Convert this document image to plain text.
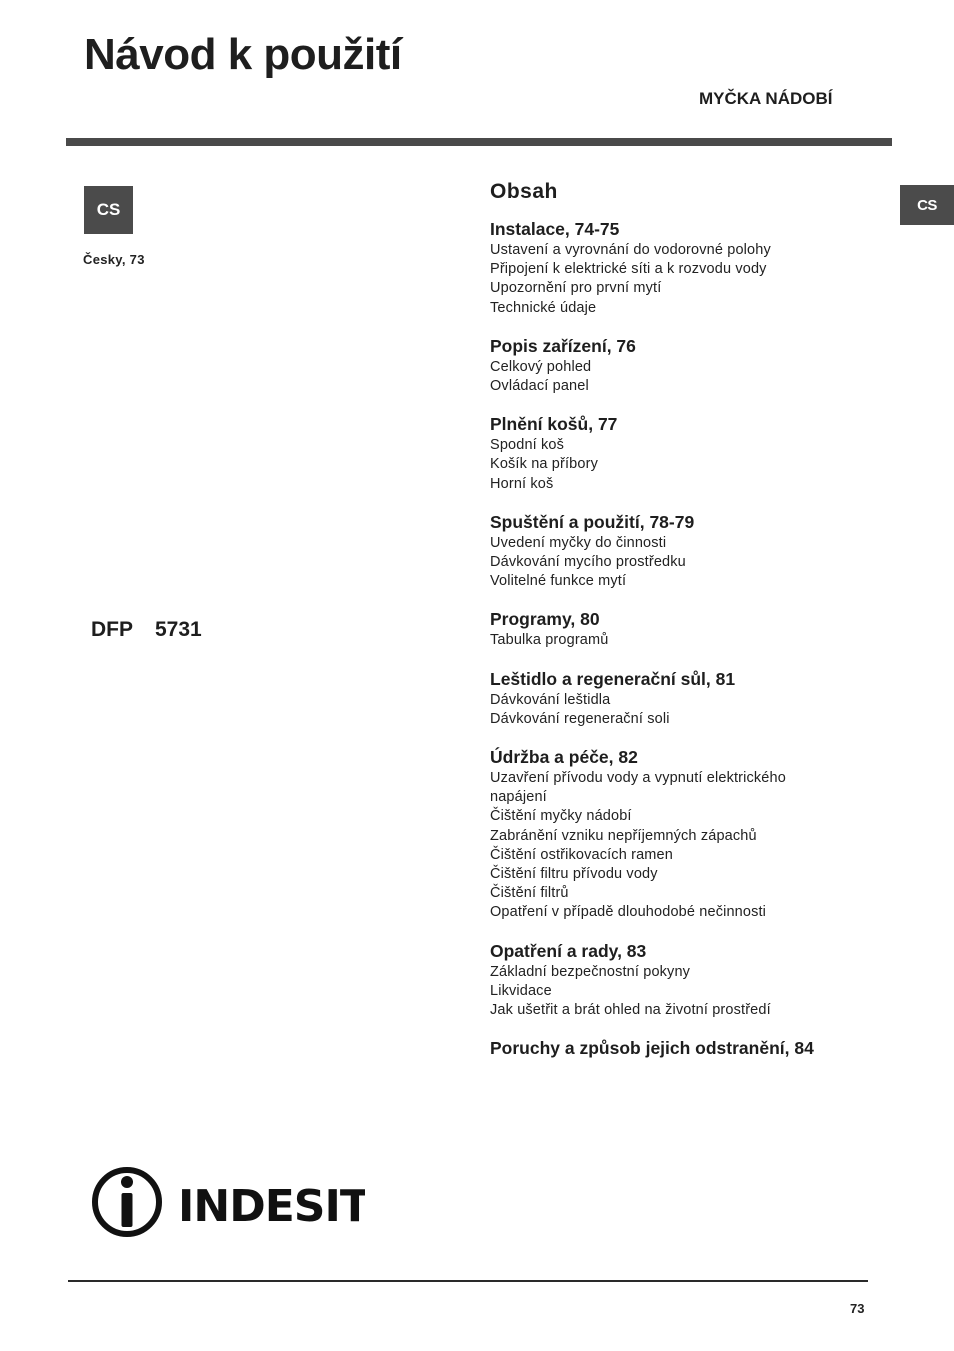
Návod k použití
MYČKA NÁDOBÍ
CS
Česky, 73
CS
DFP 5731
Obsah
Instalace, 74-75
Ustavení a vyrovnání do vodorovné polohy
Připojení k elektrické síti a k rozvodu vody
Upozornění pro první mytí
Technické údaje
Popis zařízení, 76
Celkový pohled
Ovládací panel
Plnění košů, 77
Spodní koš
Košík na příbory
Horní koš
Spuštění a použití, 78-79
Uvedení myčky do činnosti
Dávkování mycího prostředku
Volitelné funkce mytí
Programy, 80
Tabulka programů
Leštidlo a regenerační sůl, 81
Dávkování leštidla
Dávkování regenerační soli
Údržba a péče, 82
Uzavření přívodu vody a vypnutí elektrického
napájení
Čištění myčky nádobí
Zabránění vzniku nepříjemných zápachů
Čištění ostřikovacích ramen
Čištění filtru přívodu vody
Čištění filtrů
Opatření v případě dlouhodobé nečinnosti
Opatření a rady, 83
Základní bezpečnostní pokyny
Likvidace
Jak ušetřit a brát ohled na životní prostředí
Poruchy a způsob jejich odstranění, 84
INDESIT
73
